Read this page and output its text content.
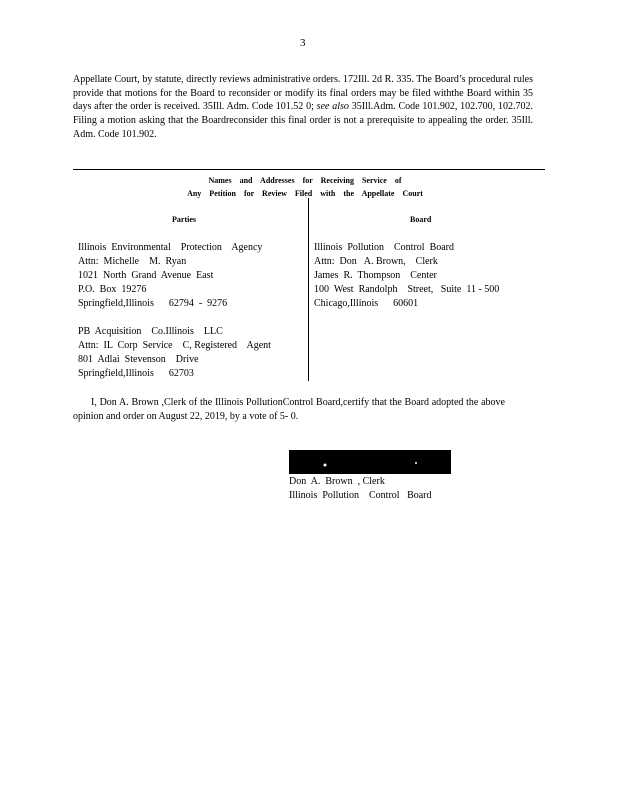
3
Appellate Court, by statute, directly reviews administrative orders. 172Ill. 2d R. 335. The Board’s procedural rules provide that motions for the Board to reconsider or modify its final orders may be filed withthe Board within 35 days after the order is received. 35Ill. Adm. Code 101.52 0; see also 35Ill.Adm. Code 101.902, 102.700, 102.702. Filing a motion asking that the Boardreconsider this final order is not a prerequisite to appealing the order. 35Ill. Adm. Code 101.902.
Names and Addresses for Receiving Service of
Any Petition for Review Filed with the Appellate Court
Parties	Board
Illinois  Environmental    Protection    Agency
Attn:  Michelle    M.  Ryan
1021  North  Grand  Avenue  East
P.O.  Box  19276
Springfield,Illinois      62794  -  9276
PB  Acquisition    Co.Illinois    LLC
Attn:  IL  Corp  Service    C, Registered    Agent
801  Adlai  Stevenson    Drive
Springfield,Illinois      62703
Illinois  Pollution    Control  Board
Attn:  Don   A. Brown,    Clerk
James  R.  Thompson    Center
100  West  Randolph    Street,   Suite  11 - 500
Chicago,Illinois      60601
I, Don A. Brown ,Clerk of the Illinois PollutionControl Board,certify that the Board adopted the above opinion and order on August 22, 2019, by a vote of 5- 0.
Don  A.  Brown  , Clerk
Illinois  Pollution    Control   Board
